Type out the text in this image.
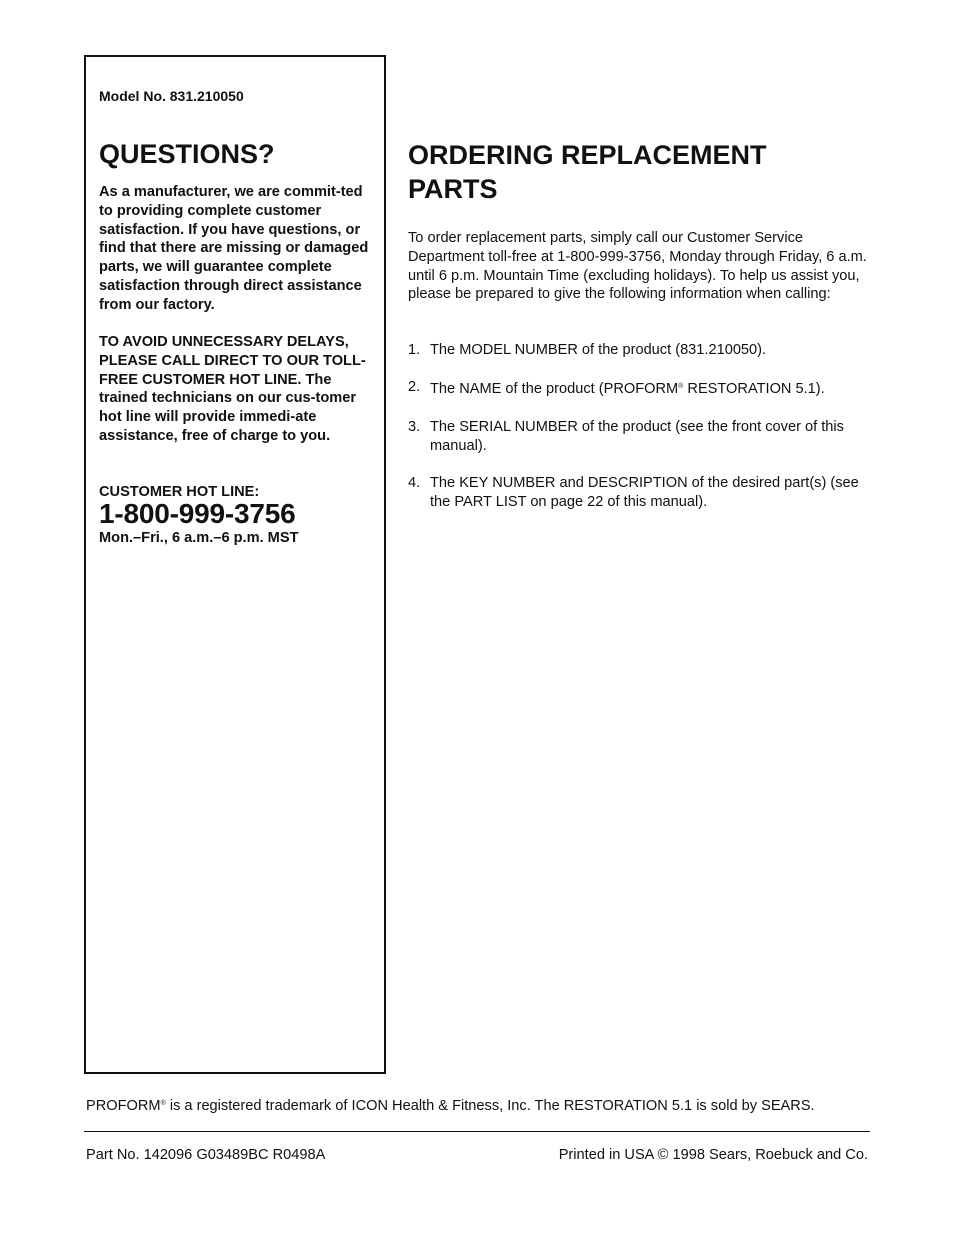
Model No. 831.210050
QUESTIONS?

As a manufacturer, we are commit-ted to providing complete customer satisfaction. If you have questions, or find that there are missing or damaged parts, we will guarantee complete satisfaction through direct assistance from our factory.

TO AVOID UNNECESSARY DELAYS, PLEASE CALL DIRECT TO OUR TOLL-FREE CUSTOMER HOT LINE. The trained technicians on our cus-tomer hot line will provide immedi-ate assistance, free of charge to you.

CUSTOMER HOT LINE:
1-800-999-3756
Mon.–Fri., 6 a.m.–6 p.m. MST
ORDERING REPLACEMENT PARTS

To order replacement parts, simply call our Customer Service Department toll-free at 1-800-999-3756, Monday through Friday, 6 a.m. until 6 p.m. Mountain Time (excluding holidays). To help us assist you, please be prepared to give the following information when calling:

1. The MODEL NUMBER of the product (831.210050).
2. The NAME of the product (PROFORM® RESTORATION 5.1).
3. The SERIAL NUMBER of the product (see the front cover of this manual).
4. The KEY NUMBER and DESCRIPTION of the desired part(s) (see the PART LIST on page 22 of this manual).
PROFORM® is a registered trademark of ICON Health & Fitness, Inc. The RESTORATION 5.1 is sold by SEARS.
Part No. 142096 G03489BC R0498A	Printed in USA © 1998 Sears, Roebuck and Co.
